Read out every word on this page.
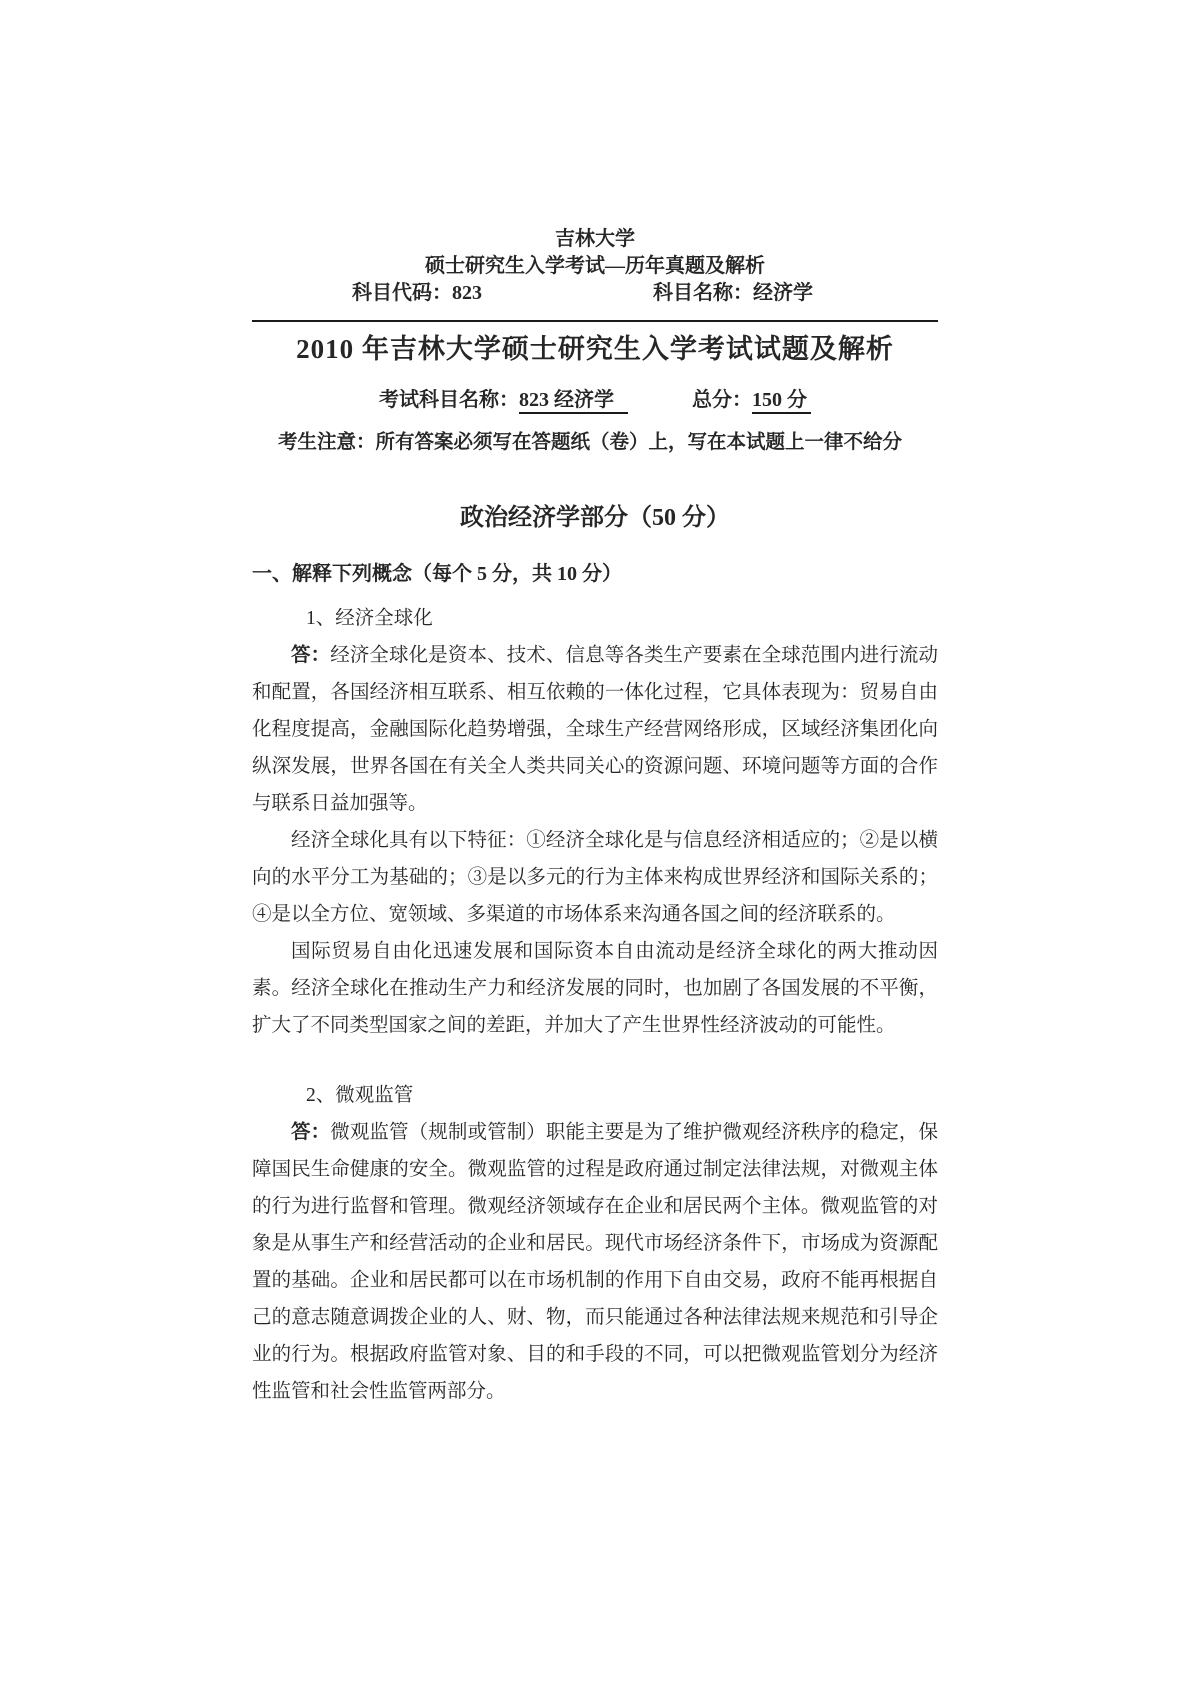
吉林大学
硕士研究生入学考试—历年真题及解析
科目代码：823	科目名称：经济学
2010 年吉林大学硕士研究生入学考试试题及解析
考试科目名称：823 经济学	总分：150 分
考生注意：所有答案必须写在答题纸（卷）上，写在本试题上一律不给分
政治经济学部分（50 分）
一、解释下列概念（每个 5 分，共 10 分）
1、经济全球化

答：经济全球化是资本、技术、信息等各类生产要素在全球范围内进行流动和配置，各国经济相互联系、相互依赖的一体化过程，它具体表现为：贸易自由化程度提高，金融国际化趋势增强，全球生产经营网络形成，区域经济集团化向纵深发展，世界各国在有关全人类共同关心的资源问题、环境问题等方面的合作与联系日益加强等。

经济全球化具有以下特征：①经济全球化是与信息经济相适应的；②是以横向的水平分工为基础的；③是以多元的行为主体来构成世界经济和国际关系的；④是以全方位、宽领域、多渠道的市场体系来沟通各国之间的经济联系的。

国际贸易自由化迅速发展和国际资本自由流动是经济全球化的两大推动因素。经济全球化在推动生产力和经济发展的同时，也加剧了各国发展的不平衡，扩大了不同类型国家之间的差距，并加大了产生世界性经济波动的可能性。

2、微观监管

答：微观监管（规制或管制）职能主要是为了维护微观经济秩序的稳定，保障国民生命健康的安全。微观监管的过程是政府通过制定法律法规，对微观主体的行为进行监督和管理。微观经济领域存在企业和居民两个主体。微观监管的对象是从事生产和经营活动的企业和居民。现代市场经济条件下，市场成为资源配置的基础。企业和居民都可以在市场机制的作用下自由交易，政府不能再根据自己的意志随意调拨企业的人、财、物，而只能通过各种法律法规来规范和引导企业的行为。根据政府监管对象、目的和手段的不同，可以把微观监管划分为经济性监管和社会性监管两部分。
